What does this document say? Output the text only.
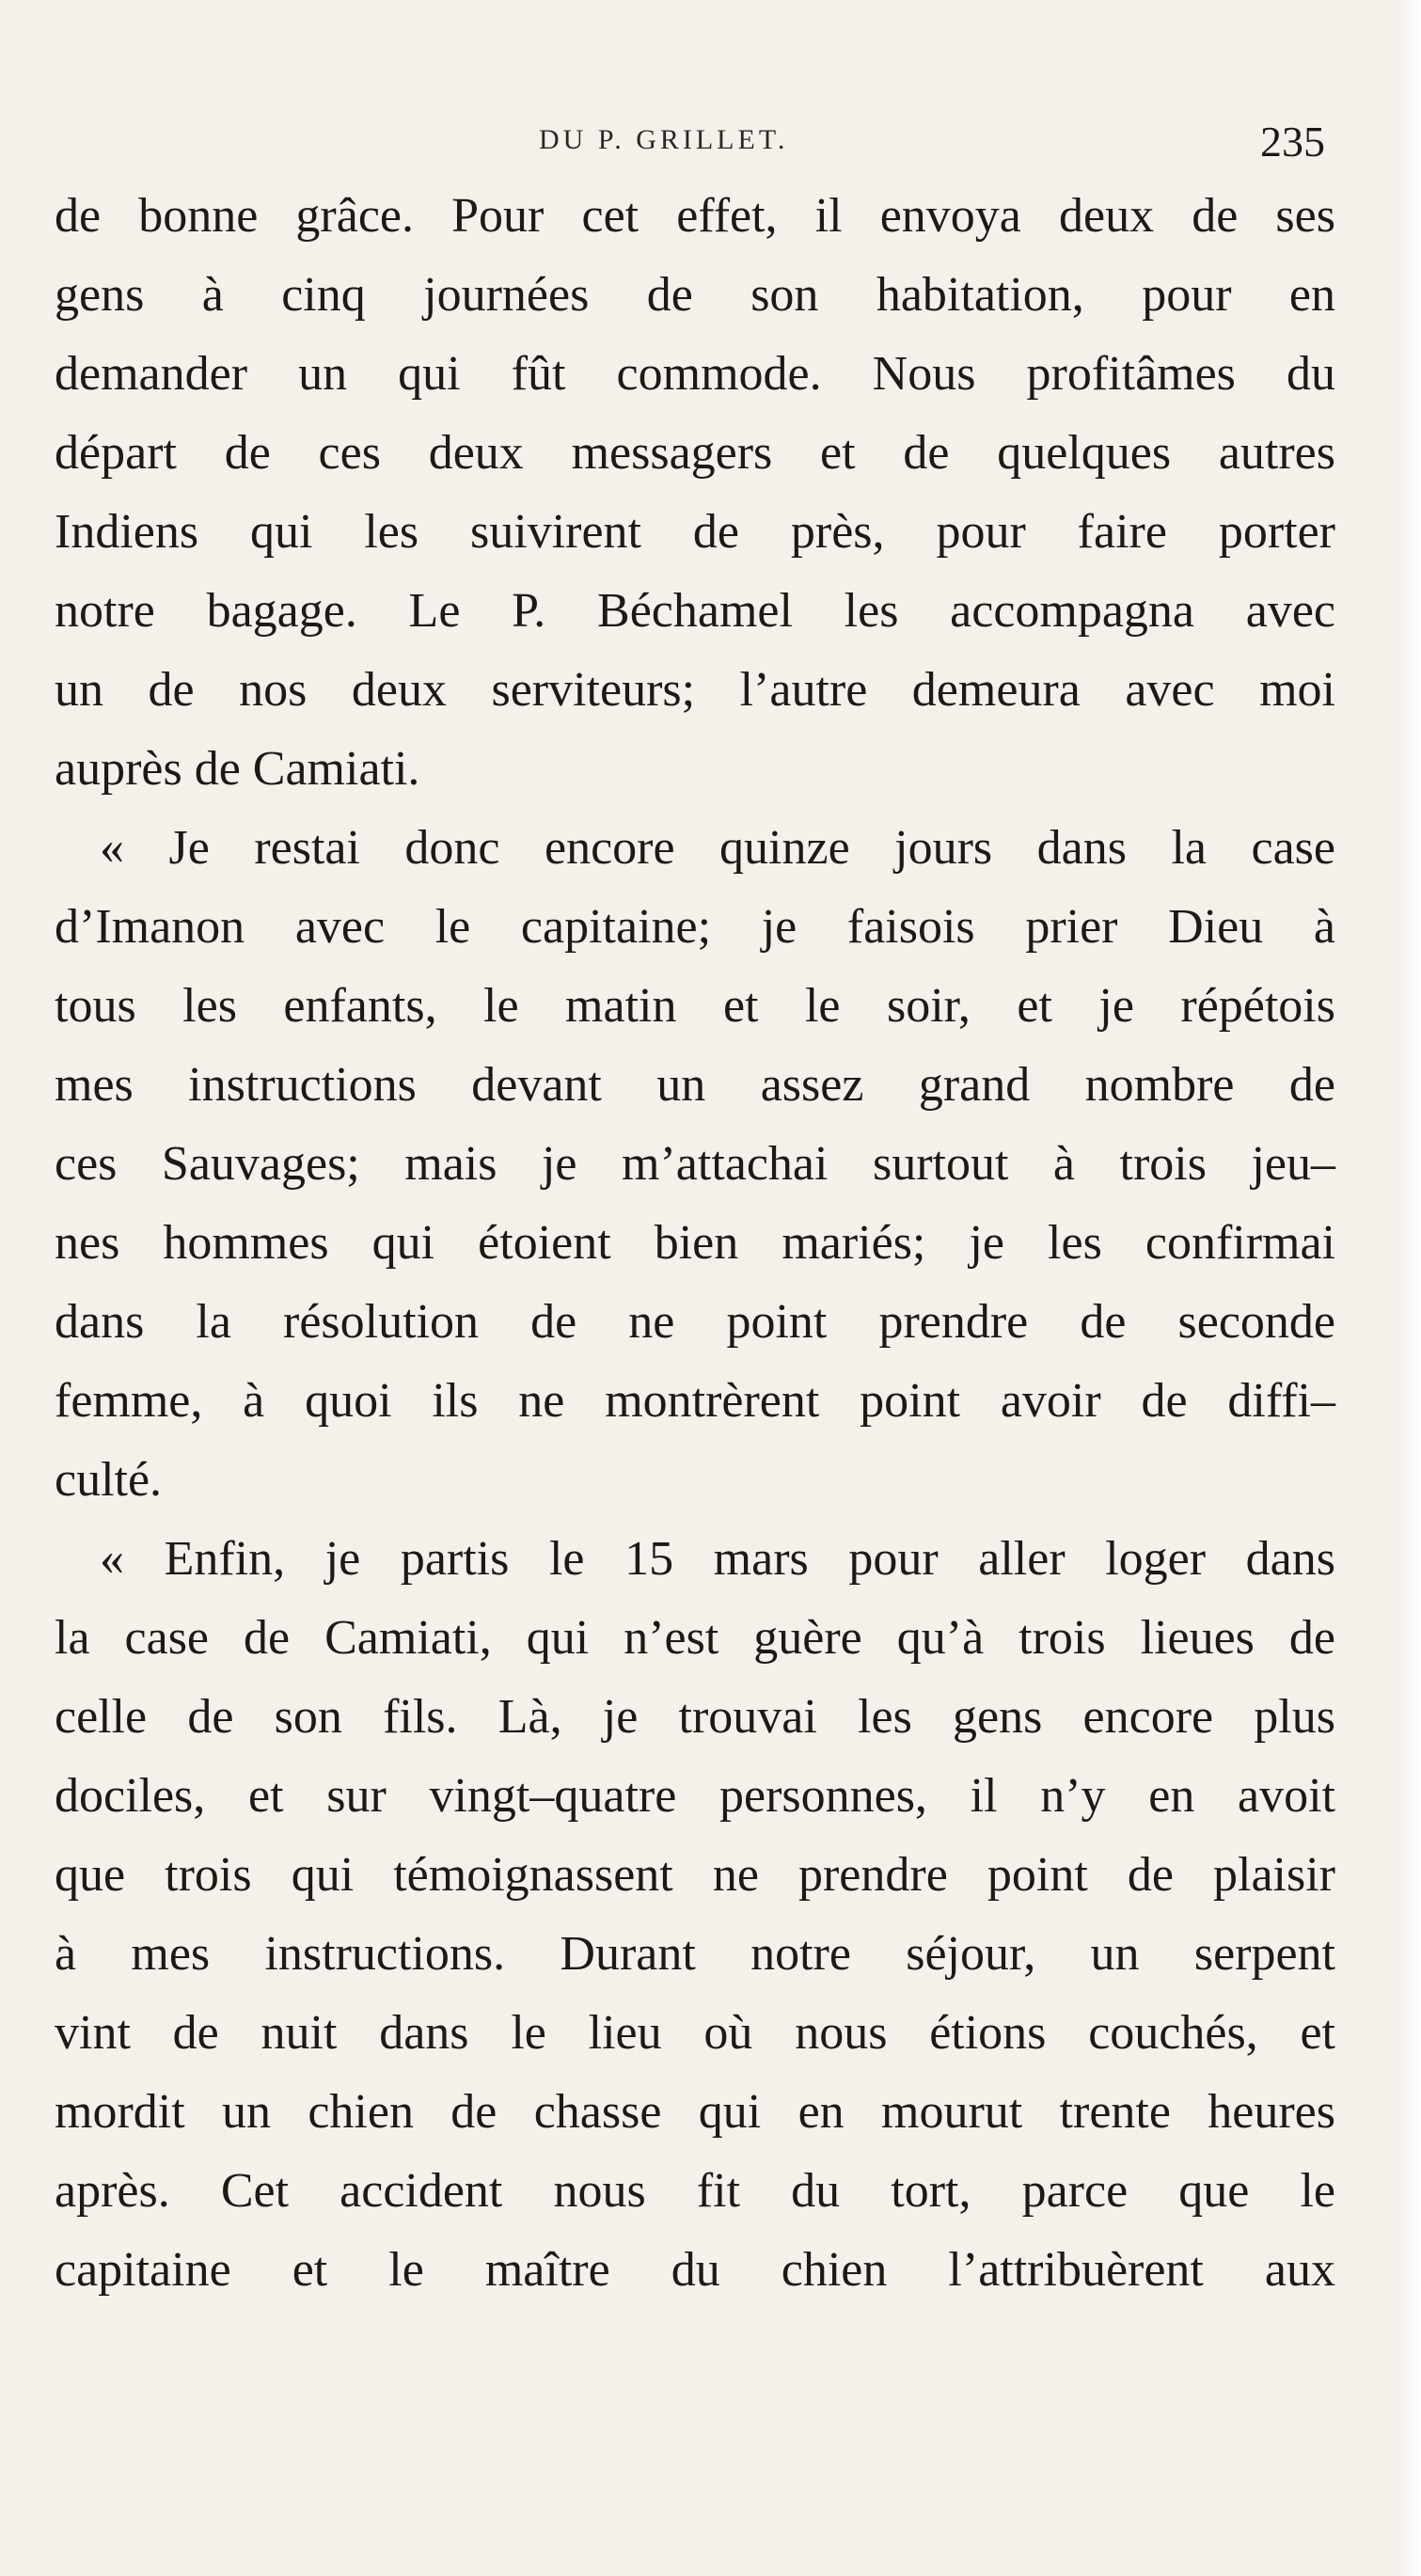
DU P. GRILLET.	235
de bonne grâce. Pour cet effet, il envoya deux de ses
gens à cinq journées de son habitation, pour en
demander un qui fût commode. Nous profitâmes du
départ de ces deux messagers et de quelques autres
Indiens qui les suivirent de près, pour faire porter
notre bagage. Le P. Béchamel les accompagna avec
un de nos deux serviteurs; l’autre demeura avec moi
auprès de Camiati.
« Je restai donc encore quinze jours dans la case
d’Imanon avec le capitaine; je faisois prier Dieu à
tous les enfants, le matin et le soir, et je répétois
mes instructions devant un assez grand nombre de
ces Sauvages; mais je m’attachai surtout à trois jeu–
nes hommes qui étoient bien mariés; je les confirmai
dans la résolution de ne point prendre de seconde
femme, à quoi ils ne montrèrent point avoir de diffi–
culté.
« Enfin, je partis le 15 mars pour aller loger dans
la case de Camiati, qui n’est guère qu’à trois lieues de
celle de son fils. Là, je trouvai les gens encore plus
dociles, et sur vingt–quatre personnes, il n’y en avoit
que trois qui témoignassent ne prendre point de plaisir
à mes instructions. Durant notre séjour, un serpent
vint de nuit dans le lieu où nous étions couchés, et
mordit un chien de chasse qui en mourut trente heures
après. Cet accident nous fit du tort, parce que le
capitaine et le maître du chien l’attribuèrent aux
